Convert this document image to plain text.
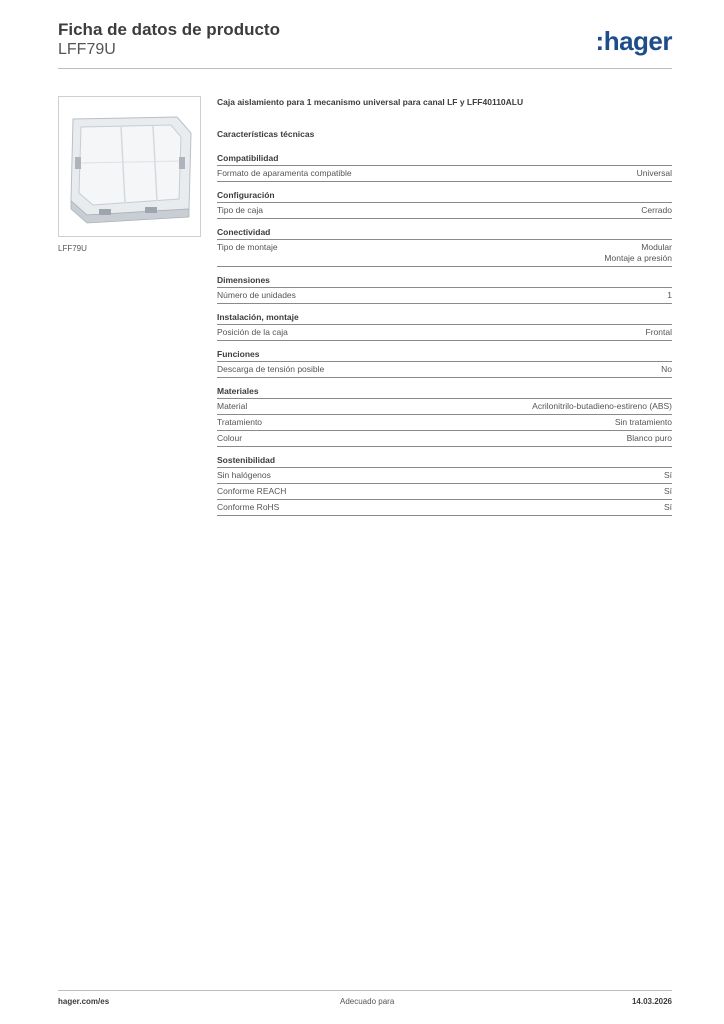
Ficha de datos de producto
LFF79U	:hager
LFF79U
Caja aislamiento para 1 mecanismo universal para canal LF y LFF40110ALU
Características técnicas
Compatibilidad
Formato de aparamenta compatible	Universal
Configuración
Tipo de caja	Cerrado
Conectividad
Tipo de montaje	Modular
Montaje a presión
Dimensiones
Número de unidades	1
Instalación, montaje
Posición de la caja	Frontal
Funciones
Descarga de tensión posible	No
Materiales
Material	Acrilonitrilo-butadieno-estireno (ABS)
Tratamiento	Sin tratamiento
Colour	Blanco puro
Sostenibilidad
Sin halógenos	Sí
Conforme REACH	Sí
Conforme RoHS	Sí
hager.com/es	Adecuado para	14.03.2026
